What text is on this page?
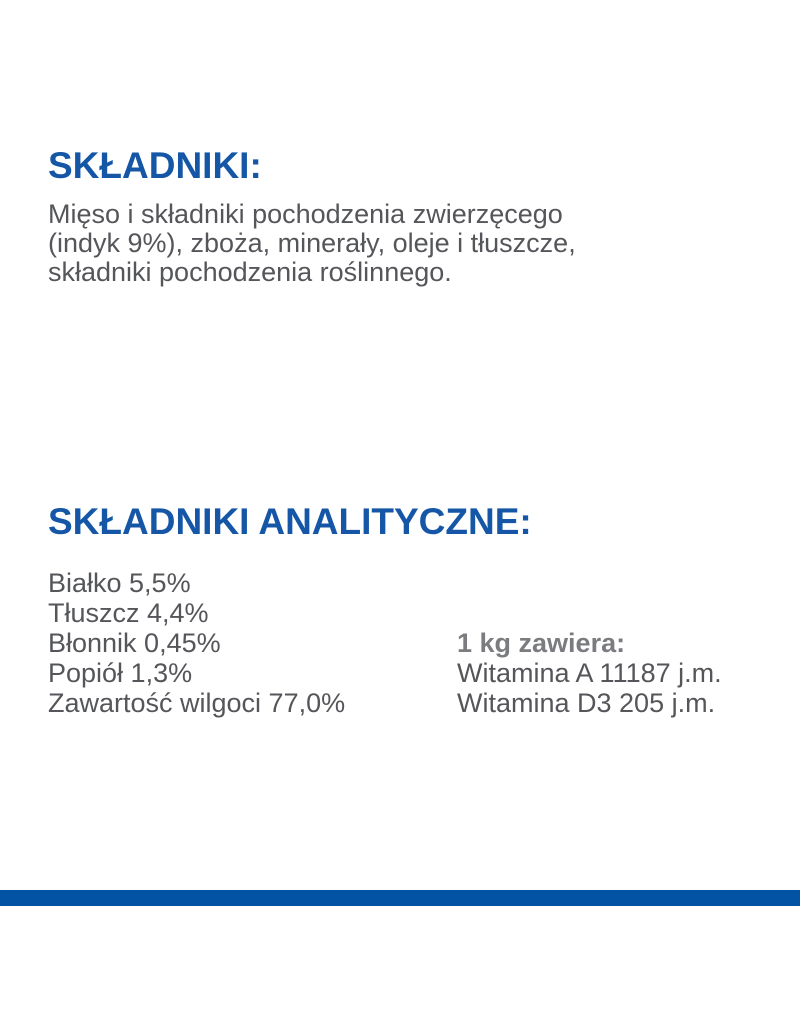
SKŁADNIKI:
Mięso i składniki pochodzenia zwierzęcego
(indyk 9%), zboża, minerały, oleje i tłuszcze,
składniki pochodzenia roślinnego.
SKŁADNIKI ANALITYCZNE:
Białko 5,5%
Tłuszcz 4,4%
Błonnik 0,45%
Popiół 1,3%
Zawartość wilgoci 77,0%
1 kg zawiera:
Witamina A 11187 j.m.
Witamina D3 205 j.m.
